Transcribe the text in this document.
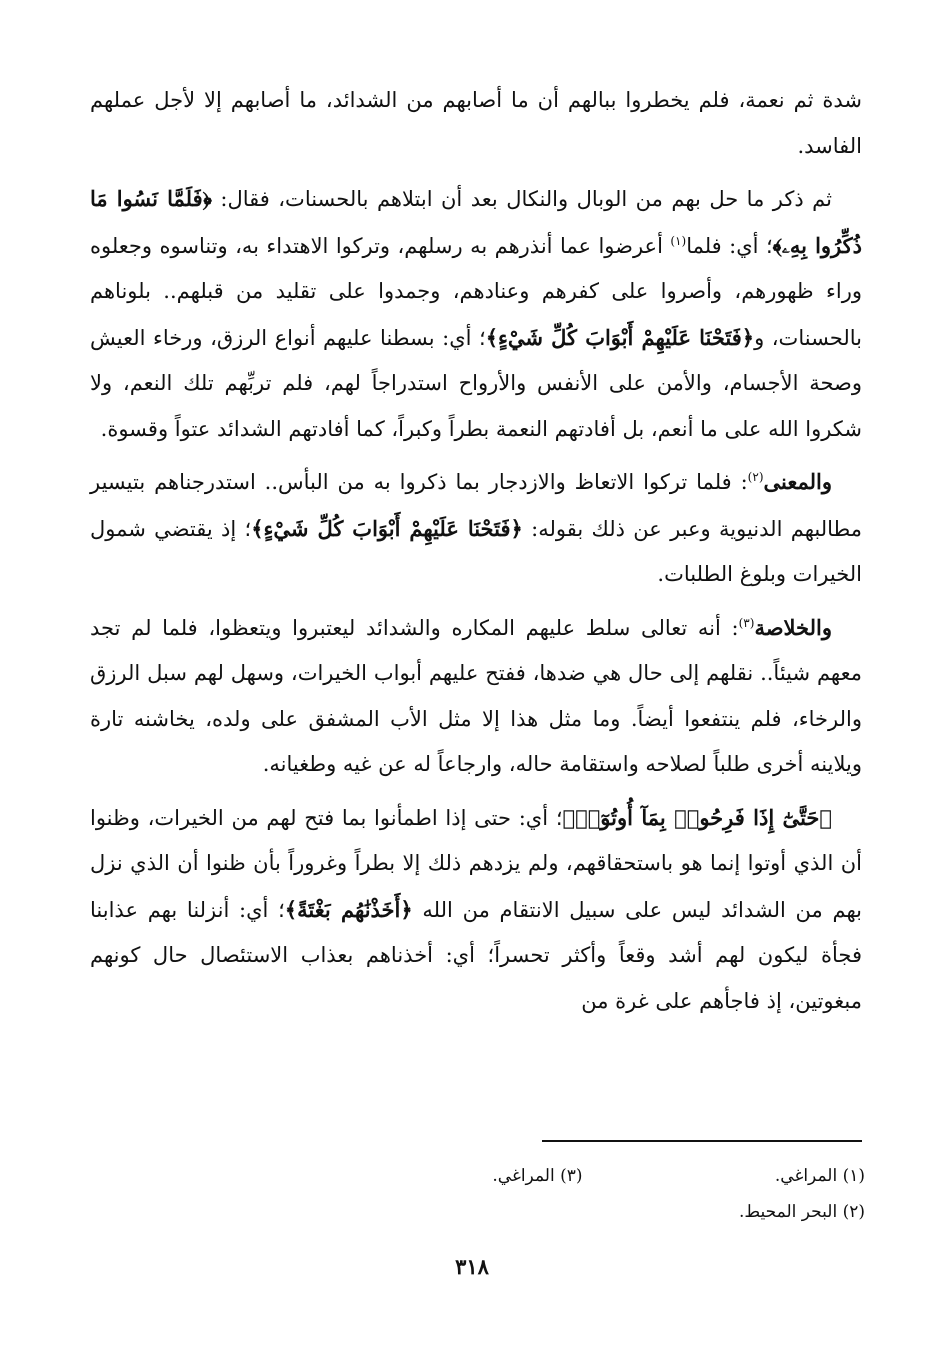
شدة ثم نعمة، فلم يخطروا ببالهم أن ما أصابهم من الشدائد، ما أصابهم إلا لأجل عملهم الفاسد.

ثم ذكر ما حل بهم من الوبال والنكال بعد أن ابتلاهم بالحسنات، فقال: ﴿فَلَمَّا نَسُوا مَا ذُكِّرُوا بِهِۦ﴾؛ أي: فلما$^{(١)}$ أعرضوا عما أنذرهم به رسلهم، وتركوا الاهتداء به، وتناسوه وجعلوه وراء ظهورهم، وأصروا على كفرهم وعنادهم، وجمدوا على تقليد من قبلهم.. بلوناهم بالحسنات، و﴿فَتَحْنَا عَلَيْهِمْ أَبْوَابَ كُلِّ شَيْءٍ﴾؛ أي: بسطنا عليهم أنواع الرزق، ورخاء العيش وصحة الأجسام، والأمن على الأنفس والأرواح استدراجاً لهم، فلم تربِّهم تلك النعم، ولا شكروا الله على ما أنعم، بل أفادتهم النعمة بطراً وكبراً، كما أفادتهم الشدائد عتواً وقسوة.

والمعنى$^{(٢)}$: فلما تركوا الاتعاظ والازدجار بما ذكروا به من البأس.. استدرجناهم بتيسير مطالبهم الدنيوية وعبر عن ذلك بقوله: ﴿فَتَحْنَا عَلَيْهِمْ أَبْوَابَ كُلِّ شَيْءٍ﴾؛ إذ يقتضي شمول الخيرات وبلوغ الطلبات.

والخلاصة$^{(٣)}$: أنه تعالى سلط عليهم المكاره والشدائد ليعتبروا ويتعظوا، فلما لم تجد معهم شيئاً.. نقلهم إلى حال هي ضدها، ففتح عليهم أبواب الخيرات، وسهل لهم سبل الرزق والرخاء، فلم ينتفعوا أيضاً. وما مثل هذا إلا مثل الأب المشفق على ولده، يخاشنه تارة ويلاينه أخرى طلباً لصلاحه واستقامة حاله، وارجاعاً له عن غيه وطغيانه.

﴿حَتَّىٰٓ إِذَا فَرِحُوا۟ بِمَآ أُوتُوٓا۟﴾؛ أي: حتى إذا اطمأنوا بما فتح لهم من الخيرات، وظنوا أن الذي أوتوا إنما هو باستحقاقهم، ولم يزدهم ذلك إلا بطراً وغروراً بأن ظنوا أن الذي نزل بهم من الشدائد ليس على سبيل الانتقام من الله ﴿أَخَذْنَٰهُم بَغْتَةً﴾؛ أي: أنزلنا بهم عذابنا فجأة ليكون لهم أشد وقعاً وأكثر تحسراً؛ أي: أخذناهم بعذاب الاستئصال حال كونهم مبغوتين، إذ فاجأهم على غرة من

(١) المراغي.
(٣) المراغي.
(٢) البحر المحيط.
٣١٨
